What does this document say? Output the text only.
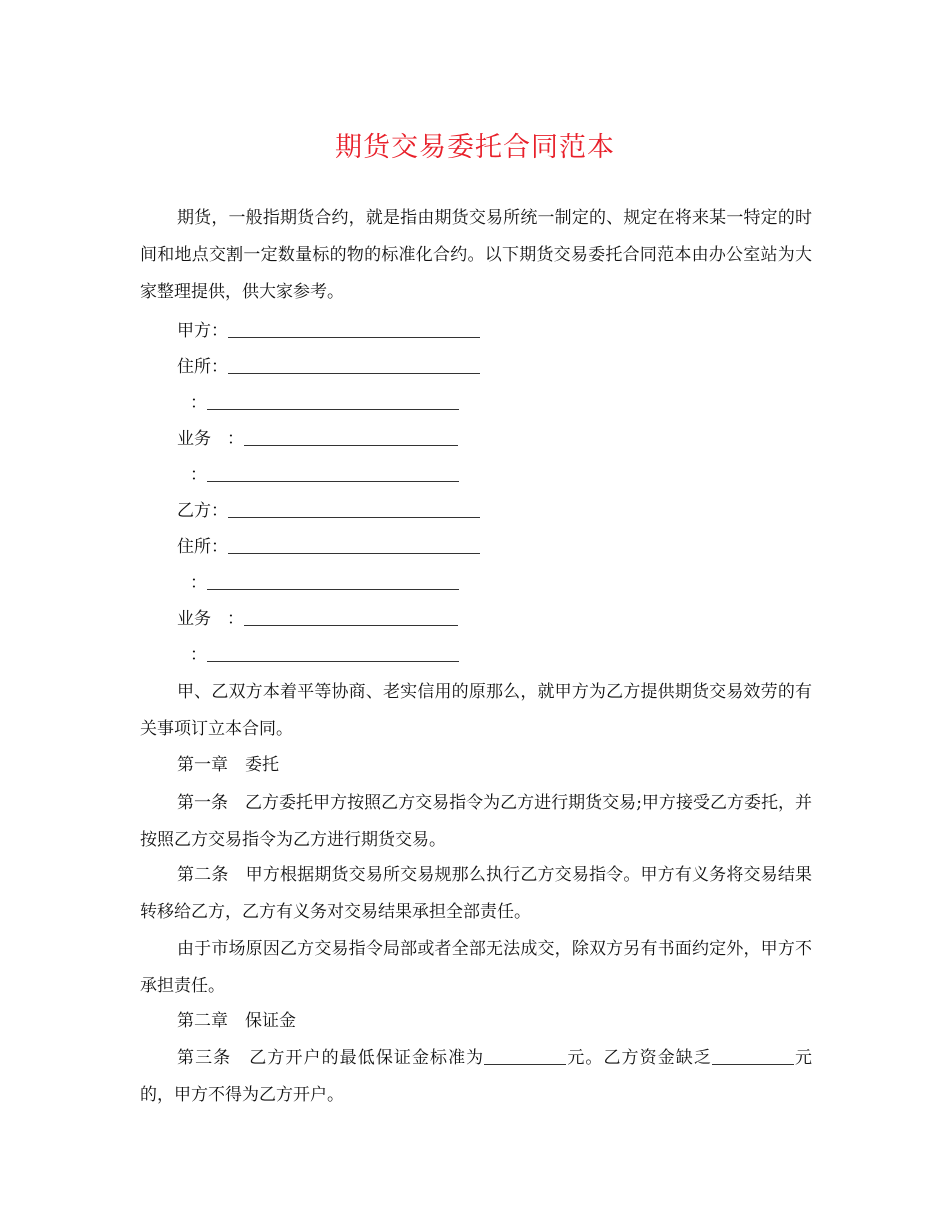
期货交易委托合同范本

期货，一般指期货合约，就是指由期货交易所统一制定的、规定在将来某一特定的时间和地点交割一定数量标的物的标准化合约。以下期货交易委托合同范本由办公室站为大家整理提供，供大家参考。

甲方：
住所：
：
业务 ：
：
乙方：
住所：
：
业务 ：
：

甲、乙双方本着平等协商、老实信用的原那么，就甲方为乙方提供期货交易效劳的有关事项订立本合同。

第一章　委托

第一条　乙方委托甲方按照乙方交易指令为乙方进行期货交易;甲方接受乙方委托，并按照乙方交易指令为乙方进行期货交易。

第二条　甲方根据期货交易所交易规那么执行乙方交易指令。甲方有义务将交易结果转移给乙方，乙方有义务对交易结果承担全部责任。

由于市场原因乙方交易指令局部或者全部无法成交，除双方另有书面约定外，甲方不承担责任。

第二章　保证金

第三条　乙方开户的最低保证金标准为	元。乙方资金缺乏	元的，甲方不得为乙方开户。
